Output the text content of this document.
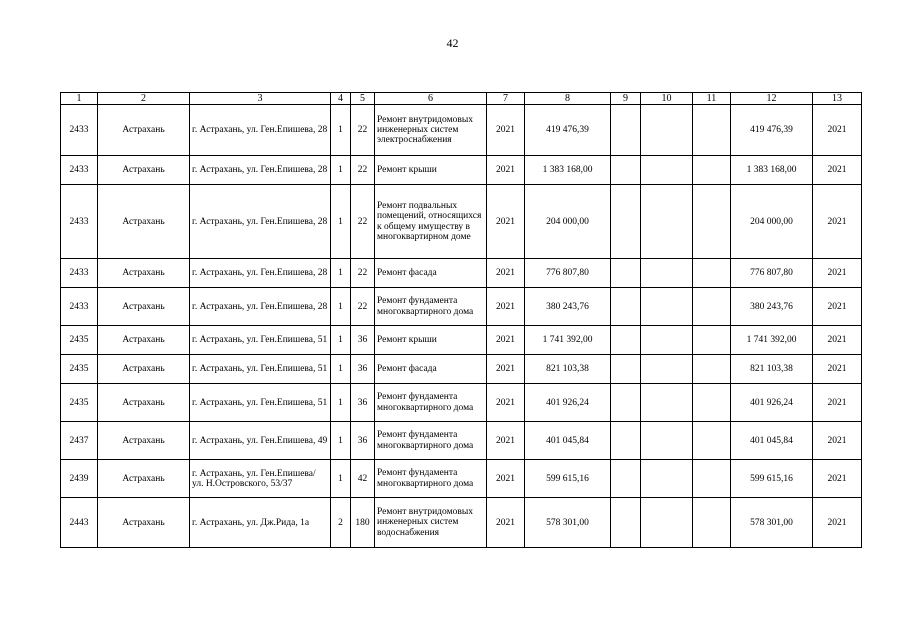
42
1	2	3	4	5	6	7	8	9	10	11	12	13
2433	Астрахань	г. Астрахань, ул. Ген.Епишева, 28	1	22	Ремонт внутридомовых инженерных систем электроснабжения	2021	419 476,39				419 476,39	2021
2433	Астрахань	г. Астрахань, ул. Ген.Епишева, 28	1	22	Ремонт крыши	2021	1 383 168,00				1 383 168,00	2021
2433	Астрахань	г. Астрахань, ул. Ген.Епишева, 28	1	22	Ремонт подвальных помещений, относящихся к общему имуществу в многоквартирном доме	2021	204 000,00				204 000,00	2021
2433	Астрахань	г. Астрахань, ул. Ген.Епишева, 28	1	22	Ремонт фасада	2021	776 807,80				776 807,80	2021
2433	Астрахань	г. Астрахань, ул. Ген.Епишева, 28	1	22	Ремонт фундамента многоквартирного дома	2021	380 243,76				380 243,76	2021
2435	Астрахань	г. Астрахань, ул. Ген.Епишева, 51	1	36	Ремонт крыши	2021	1 741 392,00				1 741 392,00	2021
2435	Астрахань	г. Астрахань, ул. Ген.Епишева, 51	1	36	Ремонт фасада	2021	821 103,38				821 103,38	2021
2435	Астрахань	г. Астрахань, ул. Ген.Епишева, 51	1	36	Ремонт фундамента многоквартирного дома	2021	401 926,24				401 926,24	2021
2437	Астрахань	г. Астрахань, ул. Ген.Епишева, 49	1	36	Ремонт фундамента многоквартирного дома	2021	401 045,84				401 045,84	2021
2439	Астрахань	г. Астрахань, ул. Ген.Епишева/ ул. Н.Островского, 53/37	1	42	Ремонт фундамента многоквартирного дома	2021	599 615,16				599 615,16	2021
2443	Астрахань	г. Астрахань, ул. Дж.Рида, 1а	2	180	Ремонт внутридомовых инженерных систем водоснабжения	2021	578 301,00				578 301,00	2021
